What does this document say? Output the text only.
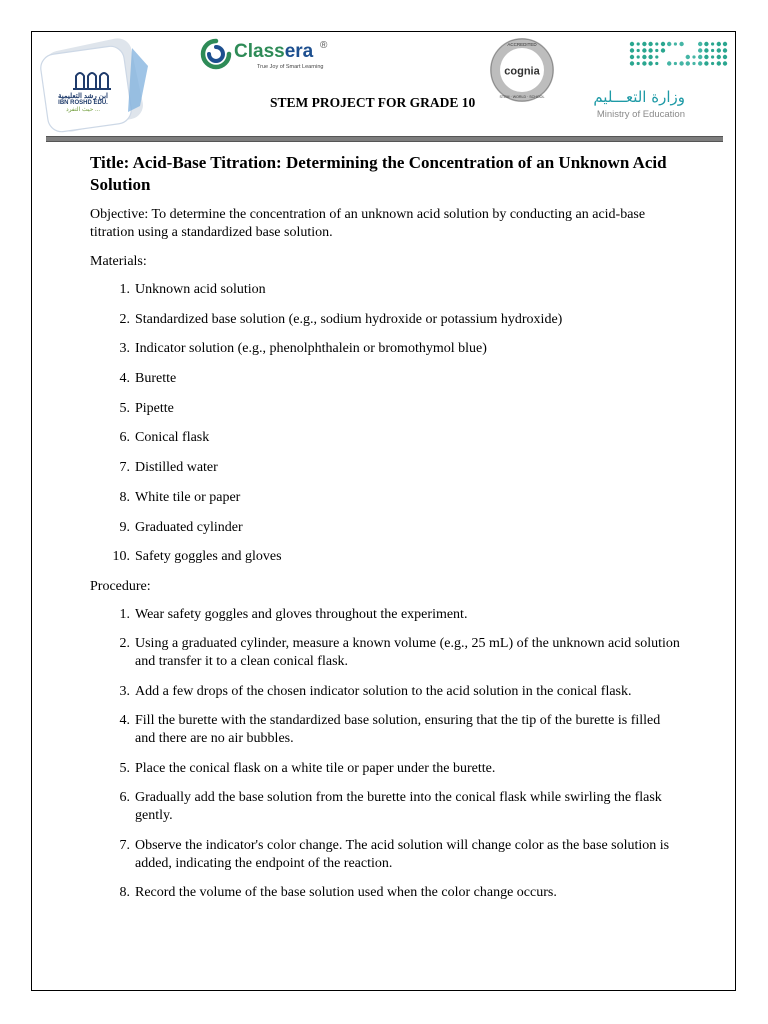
ابن رشد التعليمية
IBN ROSHD EDU.
حيث التفرد ...
Classera ®
True Joy of Smart Learning	cognia
ACCREDITED
STEM · WORLD · SCHOOL
STEM PROJECT FOR GRADE 10	وزارة التعـــليم
Ministry of Education
Title: Acid-Base Titration: Determining the Concentration of an Unknown Acid Solution

Objective: To determine the concentration of an unknown acid solution by conducting an acid-base titration using a standardized base solution.

Materials:

1. Unknown acid solution
2. Standardized base solution (e.g., sodium hydroxide or potassium hydroxide)
3. Indicator solution (e.g., phenolphthalein or bromothymol blue)
4. Burette
5. Pipette
6. Conical flask
7. Distilled water
8. White tile or paper
9. Graduated cylinder
10. Safety goggles and gloves

Procedure:

1. Wear safety goggles and gloves throughout the experiment.
2. Using a graduated cylinder, measure a known volume (e.g., 25 mL) of the unknown acid solution and transfer it to a clean conical flask.
3. Add a few drops of the chosen indicator solution to the acid solution in the conical flask.
4. Fill the burette with the standardized base solution, ensuring that the tip of the burette is filled and there are no air bubbles.
5. Place the conical flask on a white tile or paper under the burette.
6. Gradually add the base solution from the burette into the conical flask while swirling the flask gently.
7. Observe the indicator's color change. The acid solution will change color as the base solution is added, indicating the endpoint of the reaction.
8. Record the volume of the base solution used when the color change occurs.
